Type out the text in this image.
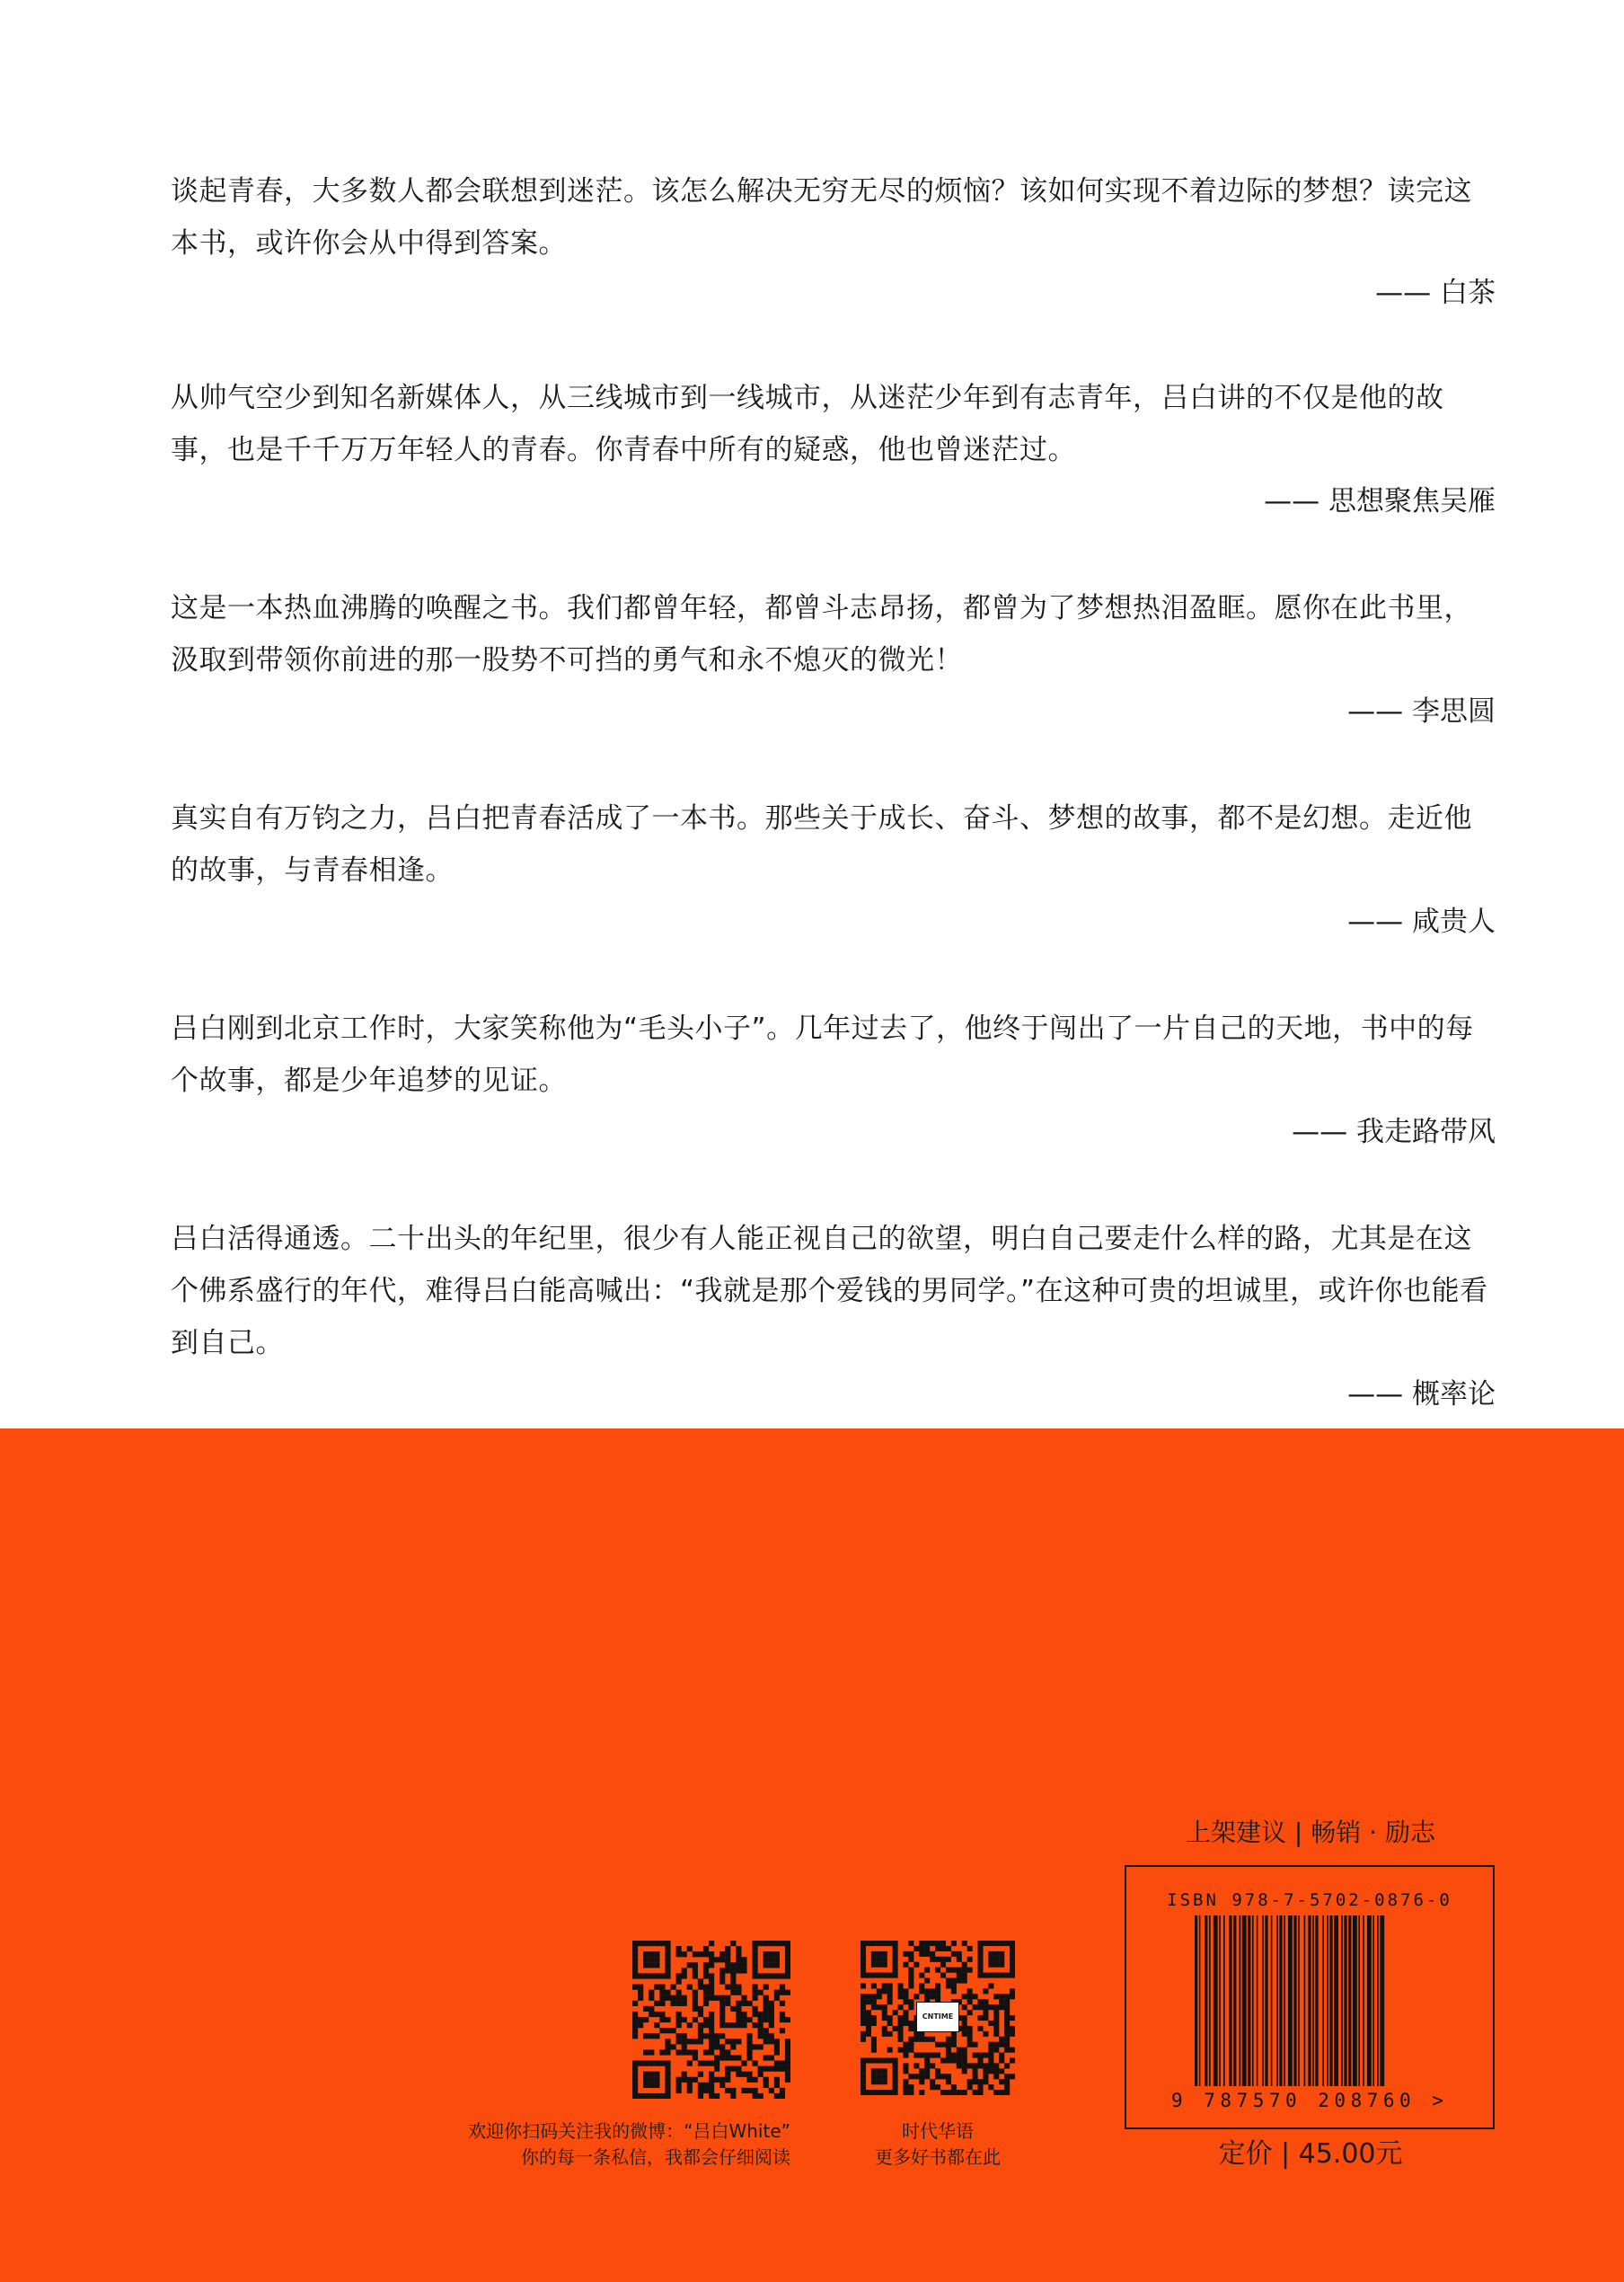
谈起青春，大多数人都会联想到迷茫。该怎么解决无穷无尽的烦恼？该如何实现不着边际的梦想？读完这本书，或许你会从中得到答案。

—— 白茶

从帅气空少到知名新媒体人，从三线城市到一线城市，从迷茫少年到有志青年，吕白讲的不仅是他的故事，也是千千万万年轻人的青春。你青春中所有的疑惑，他也曾迷茫过。

—— 思想聚焦吴雁

这是一本热血沸腾的唤醒之书。我们都曾年轻，都曾斗志昂扬，都曾为了梦想热泪盈眶。愿你在此书里，汲取到带领你前进的那一股势不可挡的勇气和永不熄灭的微光！

—— 李思圆

真实自有万钧之力，吕白把青春活成了一本书。那些关于成长、奋斗、梦想的故事，都不是幻想。走近他的故事，与青春相逢。

—— 咸贵人

吕白刚到北京工作时，大家笑称他为“毛头小子”。几年过去了，他终于闯出了一片自己的天地，书中的每个故事，都是少年追梦的见证。

—— 我走路带风

吕白活得通透。二十出头的年纪里，很少有人能正视自己的欲望，明白自己要走什么样的路，尤其是在这个佛系盛行的年代，难得吕白能高喊出：“我就是那个爱钱的男同学。”在这种可贵的坦诚里，或许你也能看到自己。

—— 概率论

欢迎你扫码关注我的微博：“吕白White”
你的每一条私信，我都会仔细阅读
CNTIME
时代华语
更多好书都在此
上架建议 | 畅销 · 励志
ISBN 978-7-5702-0876-0
9 787570 208760 >
定价 | 45.00元
